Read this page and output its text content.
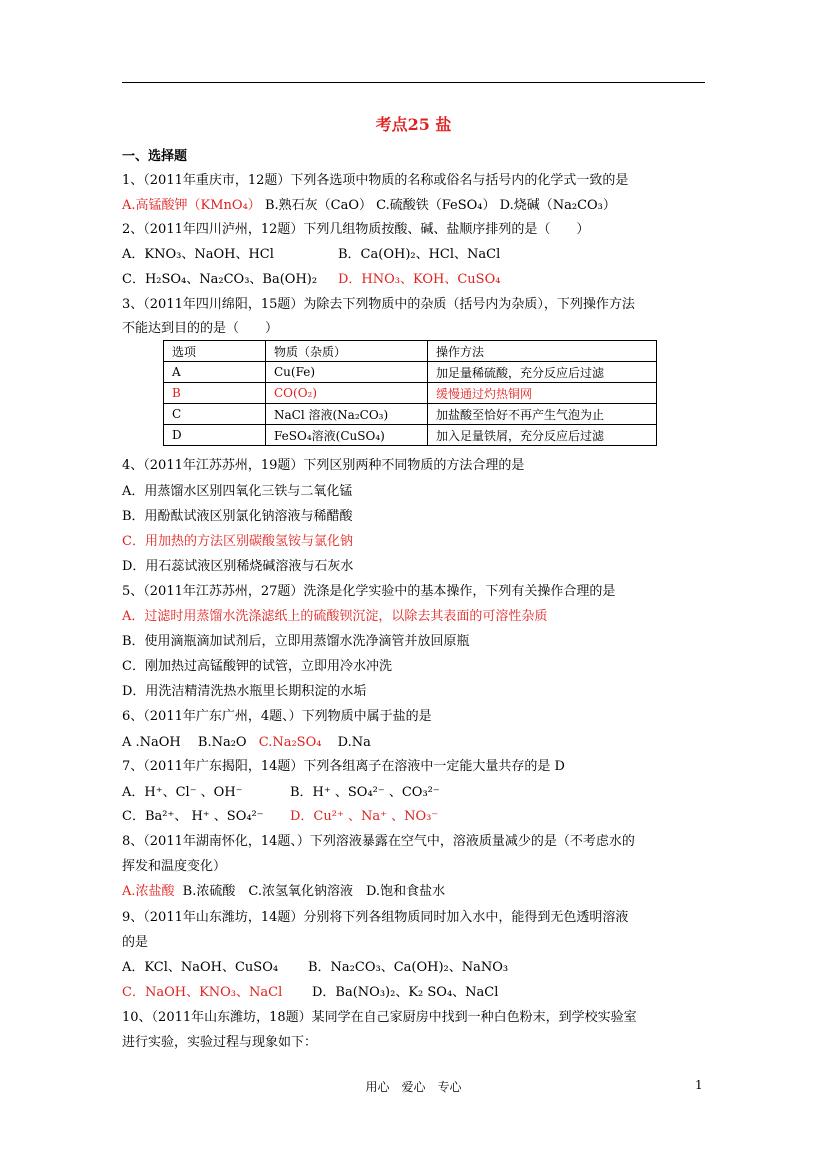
考点25 盐
一、选择题
1、（2011年重庆市，12题）下列各选项中物质的名称或俗名与括号内的化学式一致的是
A.高锰酸钾（KMnO₄） B.熟石灰（CaO） C.硫酸铁（FeSO₄） D.烧碱（Na₂CO₃）
2、（2011年四川泸州，12题）下列几组物质按酸、碱、盐顺序排列的是（　　）
A．KNO₃、NaOH、HCl	B．Ca(OH)₂、HCl、NaCl
C．H₂SO₄、Na₂CO₃、Ba(OH)₂ D．HNO₃、KOH、CuSO₄
3、（2011年四川绵阳，15题）为除去下列物质中的杂质（括号内为杂质），下列操作方法
不能达到目的的是（　　）
选项	物质（杂质）	操作方法
A	Cu(Fe)	加足量稀硫酸，充分反应后过滤
B	CO(O₂)	缓慢通过灼热铜网
C	NaCl 溶液(Na₂CO₃)	加盐酸至恰好不再产生气泡为止
D	FeSO₄溶液(CuSO₄)	加入足量铁屑，充分反应后过滤
4、（2011年江苏苏州，19题）下列区别两种不同物质的方法合理的是
A．用蒸馏水区别四氧化三铁与二氧化锰
B．用酚酞试液区别氯化钠溶液与稀醋酸
C．用加热的方法区别碳酸氢铵与氯化钠
D．用石蕊试液区别稀烧碱溶液与石灰水
5、（2011年江苏苏州，27题）洗涤是化学实验中的基本操作，下列有关操作合理的是
A．过滤时用蒸馏水洗涤滤纸上的硫酸钡沉淀，以除去其表面的可溶性杂质
B．使用滴瓶滴加试剂后，立即用蒸馏水洗净滴管并放回原瓶
C．刚加热过高锰酸钾的试管，立即用冷水冲洗
D．用洗洁精清洗热水瓶里长期积淀的水垢
6、（2011年广东广州，4题、）下列物质中属于盐的是
A .NaOH　 B.Na₂O C.Na₂SO₄ D.Na
7、（2011年广东揭阳，14题）下列各组离子在溶液中一定能大量共存的是 D
A．H⁺、Cl⁻ 、OH⁻	B．H⁺ 、SO₄²⁻ 、CO₃²⁻
C．Ba²⁺、 H⁺ 、SO₄²⁻ D．Cu²⁺ 、Na⁺ 、NO₃⁻
8、（2011年湖南怀化，14题、）下列溶液暴露在空气中，溶液质量减少的是（不考虑水的
挥发和温度变化）
A.浓盐酸 B.浓硫酸　C.浓氢氧化钠溶液　D.饱和食盐水
9、（2011年山东潍坊，14题）分别将下列各组物质同时加入水中，能得到无色透明溶液
的是
A．KCl、NaOH、CuSO₄ B．Na₂CO₃、Ca(OH)₂、NaNO₃
C．NaOH、KNO₃、NaCl D．Ba(NO₃)₂、K₂ SO₄、NaCl
10、（2011年山东潍坊，18题）某同学在自己家厨房中找到一种白色粉末，到学校实验室
进行实验，实验过程与现象如下：
用心　爱心　专心	1
